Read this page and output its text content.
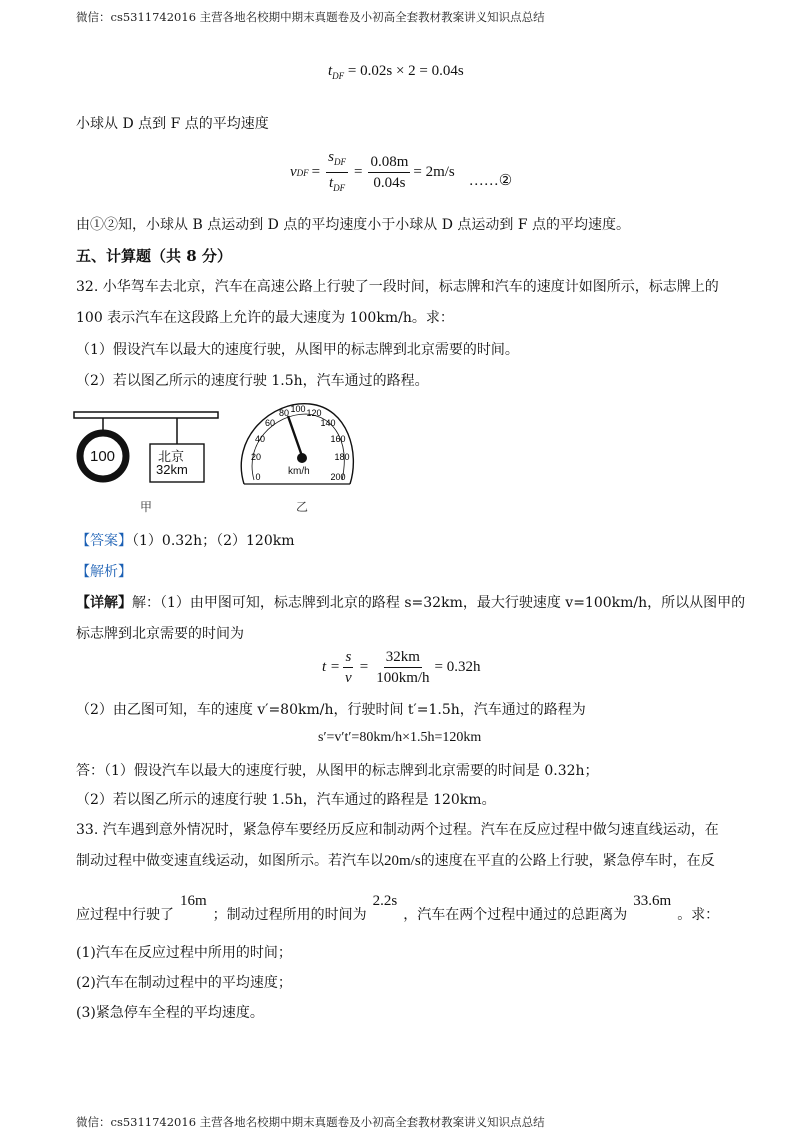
微信：cs5311742016 主营各地名校期中期末真题卷及小初高全套教材教案讲义知识点总结
$t_{DF} = 0.02s \times 2 = 0.04s$
小球从 D 点到 F 点的平均速度
v DF = $\frac{s_{DF}}{t_{DF}} = \frac{0.08m}{0.04s} = 2m/s$
……②
由①②知，小球从 B 点运动到 D 点的平均速度小于小球从 D 点运动到 F 点的平均速度。
五、计算题（共 8 分）
32. 小华驾车去北京，汽车在高速公路上行驶了一段时间，标志牌和汽车的速度计如图所示，标志牌上的
100 表示汽车在这段路上允许的最大速度为 100km/h。求：
（1）假设汽车以最大的速度行驶，从图甲的标志牌到北京需要的时间。
（2）若以图乙所示的速度行驶 1.5h，汽车通过的路程。
100	北京
32km
甲
0
20
40
60
80 100 120
140
160
180
200
km/h
乙
【答案】（1）0.32h；（2）120km
【解析】
【详解】解：（1）由甲图可知，标志牌到北京的路程 s=32km，最大行驶速度 v=100km/h，所以从图甲的
标志牌到北京需要的时间为
$t = \frac{s}{v} = \frac{32km}{100km/h} = 0.32h$
（2）由乙图可知，车的速度 v′=80km/h，行驶时间 t′=1.5h，汽车通过的路程为
s′=v′t′=80km/h×1.5h=120km
答：（1）假设汽车以最大的速度行驶，从图甲的标志牌到北京需要的时间是 0.32h；
（2）若以图乙所示的速度行驶 1.5h，汽车通过的路程是 120km。
33. 汽车遇到意外情况时，紧急停车要经历反应和制动两个过程。汽车在反应过程中做匀速直线运动，在
制动过程中做变速直线运动，如图所示。若汽车以20m/s的速度在平直的公路上行驶，紧急停车时，在反
应过程中行驶了16m；制动过程所用的时间为2.2s，汽车在两个过程中通过的总距离为33.6m。求：
(1)汽车在反应过程中所用的时间；
(2)汽车在制动过程中的平均速度；
(3)紧急停车全程的平均速度。
微信：cs5311742016 主营各地名校期中期末真题卷及小初高全套教材教案讲义知识点总结
